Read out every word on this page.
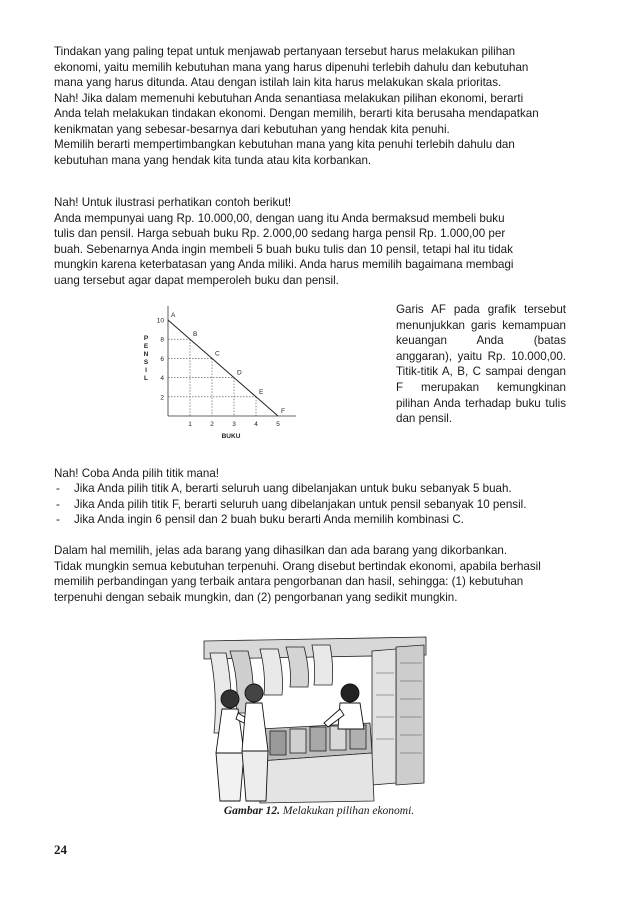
Tindakan yang paling tepat untuk menjawab pertanyaan tersebut harus melakukan pilihan
ekonomi, yaitu memilih kebutuhan mana yang harus dipenuhi terlebih dahulu dan kebutuhan
mana yang harus ditunda. Atau dengan istilah lain kita harus melakukan skala prioritas.
Nah! Jika dalam memenuhi kebutuhan Anda senantiasa melakukan pilihan ekonomi, berarti
Anda telah melakukan tindakan ekonomi. Dengan memilih, berarti kita berusaha mendapatkan
kenikmatan yang sebesar-besarnya dari kebutuhan yang hendak kita penuhi.
Memilih berarti mempertimbangkan kebutuhan mana yang kita penuhi terlebih dahulu dan
kebutuhan mana yang hendak kita tunda atau kita korbankan.
Nah! Untuk ilustrasi perhatikan contoh berikut!
Anda mempunyai uang Rp. 10.000,00, dengan uang itu Anda bermaksud membeli buku
tulis dan pensil. Harga sebuah buku Rp. 2.000,00 sedang harga pensil Rp. 1.000,00 per
buah. Sebenarnya Anda ingin membeli 5 buah buku tulis dan 10 pensil, tetapi hal itu tidak
mungkin karena keterbatasan yang Anda miliki. Anda harus memilih bagaimana membagi
uang tersebut agar dapat memperoleh buku dan pensil.
1	2	3	4	5
2
4
6
8
10
A
B
C
D
E
F
BUKU
P
E
N
S
I
L
Garis AF pada grafik tersebut menunjukkan garis kemampuan keuangan Anda (batas anggaran), yaitu Rp. 10.000,00. Titik-titik A, B, C sampai dengan F merupakan kemungkinan pilihan Anda terhadap buku tulis dan pensil.
Nah! Coba Anda pilih titik mana!
- Jika Anda pilih titik A, berarti seluruh uang dibelanjakan untuk buku sebanyak 5 buah.
- Jika Anda pilih titik F, berarti seluruh uang dibelanjakan untuk pensil sebanyak 10 pensil.
- Jika Anda ingin 6 pensil dan 2 buah buku berarti Anda memilih kombinasi C.
Dalam hal memilih, jelas ada barang yang dihasilkan dan ada barang yang dikorbankan.
Tidak mungkin semua kebutuhan terpenuhi. Orang disebut bertindak ekonomi, apabila berhasil
memilih perbandingan yang terbaik antara pengorbanan dan hasil, sehingga: (1) kebutuhan
terpenuhi dengan sebaik mungkin, dan (2) pengorbanan yang sedikit mungkin.
Gambar 12. Melakukan pilihan ekonomi.
24
